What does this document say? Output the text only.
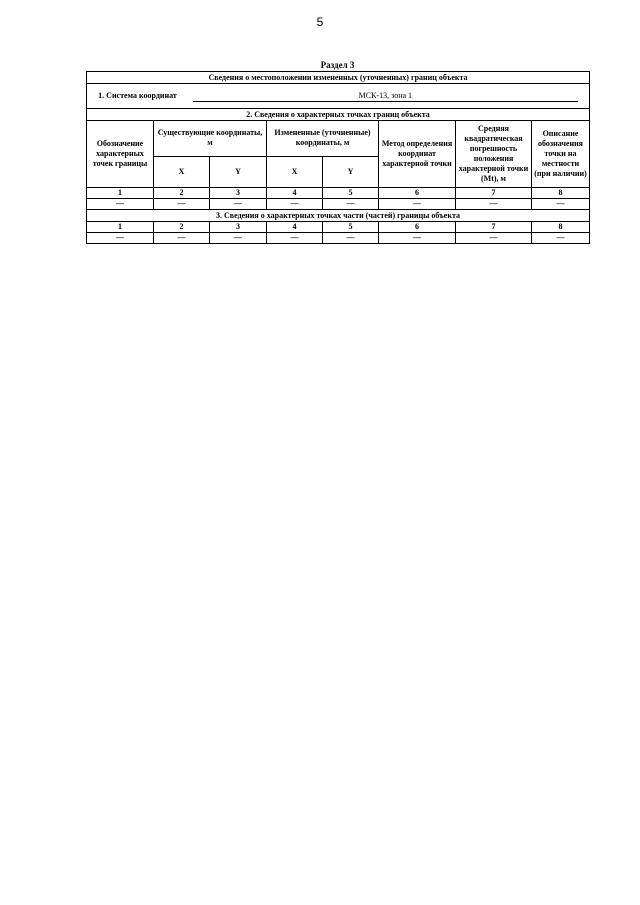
5
Раздел 3
Сведения о местоположении измененных (уточненных) границ объекта							
1. Система координат МСК-13, зона 1							
2. Сведения о характерных точках границ объекта							
Обозначение характерных точек границы	Существующие координаты, м		Измененные (уточненные) координаты, м		Метод определения координат характерной точки	Средняя квадратическая погрешность положения характерной точки (Mt), м	Описание обозначения точки на местности (при наличии)
	X	Y	X	Y			
1	2	3	4	5	6	7	8
—	—	—	—	—	—	—	—
3. Сведения о характерных точках части (частей) границы объекта							
1	2	3	4	5	6	7	8
—	—	—	—	—	—	—	—
